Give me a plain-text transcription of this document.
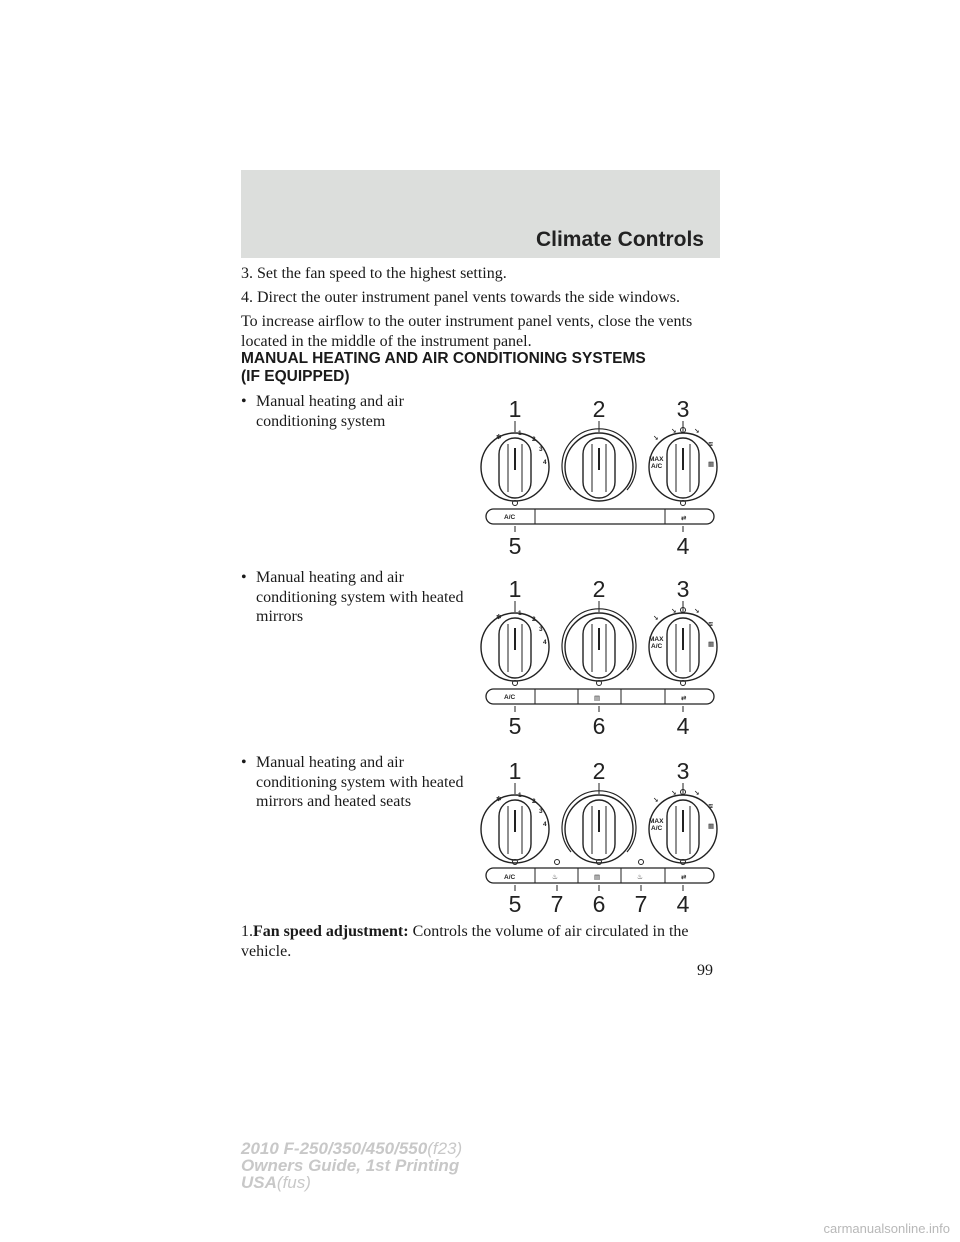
Climate Controls

3. Set the fan speed to the highest setting.

4. Direct the outer instrument panel vents towards the side windows.

To increase airflow to the outer instrument panel vents, close the vents located in the middle of the instrument panel.

MANUAL HEATING AND AIR CONDITIONING SYSTEMS
(IF EQUIPPED)
• Manual heating and air conditioning system
• Manual heating and air conditioning system with heated mirrors
• Manual heating and air conditioning system with heated mirrors and heated seats
1	2	3
✽
1
2
3
4	MAX
A/C
↘
↘	↘
≋
▦
A/C	⇄
5	4
1	2	3
✽
1
2
3
4	MAX
A/C
↘
↘	↘
≋
▦
A/C	▤	⇄
5	6	4
1	2	3
✽
1
2
3
4	MAX
A/C
↘
↘	↘
≋
▦
A/C	♨	▤	♨	⇄
5 7 6 7 4
1.Fan speed adjustment: Controls the volume of air circulated in the vehicle.
99
2010 F-250/350/450/550(f23)
Owners Guide, 1st Printing
USA(fus)
carmanualsonline.info
